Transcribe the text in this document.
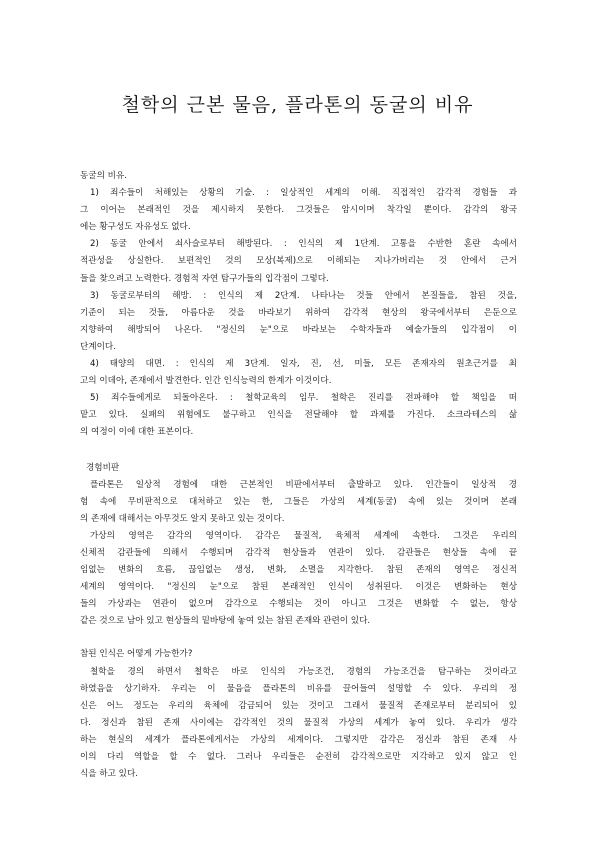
철학의 근본 물음, 플라톤의 동굴의 비유
동굴의 비유.
1) 죄수들이 처해있는 상황의 기술. : 일상적인 세계의 이해. 직접적인 감각적 경험들 과
그 이어는 본래적인 것을 제시하지 못한다. 그것들은 암시이며 착각일 뿐이다. 감각의 왕국
에는 황구성도 자유성도 없다.
2) 동굴 안에서 쇠사슬로부터 해방된다. : 인식의 제 1단계. 고통을 수반한 혼란 속에서
적관성을 상실한다. 보편적인 것의 모상(복제)으로 이해되는 지나가버리는 것 안에서 근거
들을 찾으려고 노력한다. 경험적 자연 탐구가들의 입각점이 그렇다.
3) 동굴로부터의 해방. : 인식의 제 2단계. 나타나는 것들 안에서 본질들을, 참된 것을,
기준이 되는 것들, 아름다운 것을 바라보기 위하여 감각적 현상의 왕국에서부터 은둔으로
지향하여 해방되어 나온다. "정신의 눈"으로 바라보는 수학자들과 예술가들의 입각점이 이
단계이다.
4) 태양의 대면. : 인식의 제 3단계. 일자, 진, 선, 미들, 모든 존재자의 원초근거를 최
고의 이데아, 존재에서 발견한다. 인간 인식능력의 한계가 이것이다.
5) 죄수들에게로 되돌아온다. : 철학교육의 임무. 철학은 진리를 전파해야 할 책임을 떠
맡고 있다. 실패의 위험에도 불구하고 인식을 전달해야 할 과제를 가진다. 소크라테스의 삶
의 여정이 이에 대한 표본이다.
경험비판
플라톤은 일상적 경험에 대한 근본적인 비판에서부터 출발하고 있다. 인간들이 일상적 경
험 속에 무비판적으로 대처하고 있는 한, 그들은 가상의 세계(동굴) 속에 있는 것이며 본래
의 존재에 대해서는 아무것도 알지 못하고 있는 것이다.
가상의 영역은 감각의 영역이다. 감각은 물질적, 육체적 세계에 속한다. 그것은 우리의
신체적 감관들에 의해서 수행되며 감각적 현상들과 연관이 있다. 감관들은 현상들 속에 끝
임없는 변화의 흐름, 끊임없는 생성, 변화, 소멸을 지각한다. 참된 존재의 영역은 정신적
세계의 영역이다. "정신의 눈"으로 참된 본래적인 인식이 성취된다. 이것은 변화하는 현상
들의 가상과는 연관이 없으며 감각으로 수행되는 것이 아니고 그것은 변화할 수 없는, 항상
같은 것으로 남아 있고 현상들의 밑바탕에 놓여 있는 참된 존재와 관련이 있다.
참된 인식은 어떻게 가능한가?
철학을 경의 하면서 철학은 바로 인식의 가능조건, 경험의 가능조건을 탐구하는 것이라고
하였음을 상기하자. 우리는 이 물음을 플라톤의 비유를 끌어들여 설명할 수 있다. 우리의 정
신은 어느 정도는 우리의 육체에 감금되어 있는 것이고 그래서 물질적 존재로부터 분리되어 있
다. 정신과 참된 존재 사이에는 감각적인 것의 물질적 가상의 세계가 놓여 있다. 우리가 생각
하는 현실의 세계가 플라톤에게서는 가상의 세계이다. 그렇지만 감각은 정신과 참된 존재 사
이의 다리 역할을 할 수 없다. 그러나 우리들은 순전히 감각적으로만 지각하고 있지 않고 인
식을 하고 있다.
